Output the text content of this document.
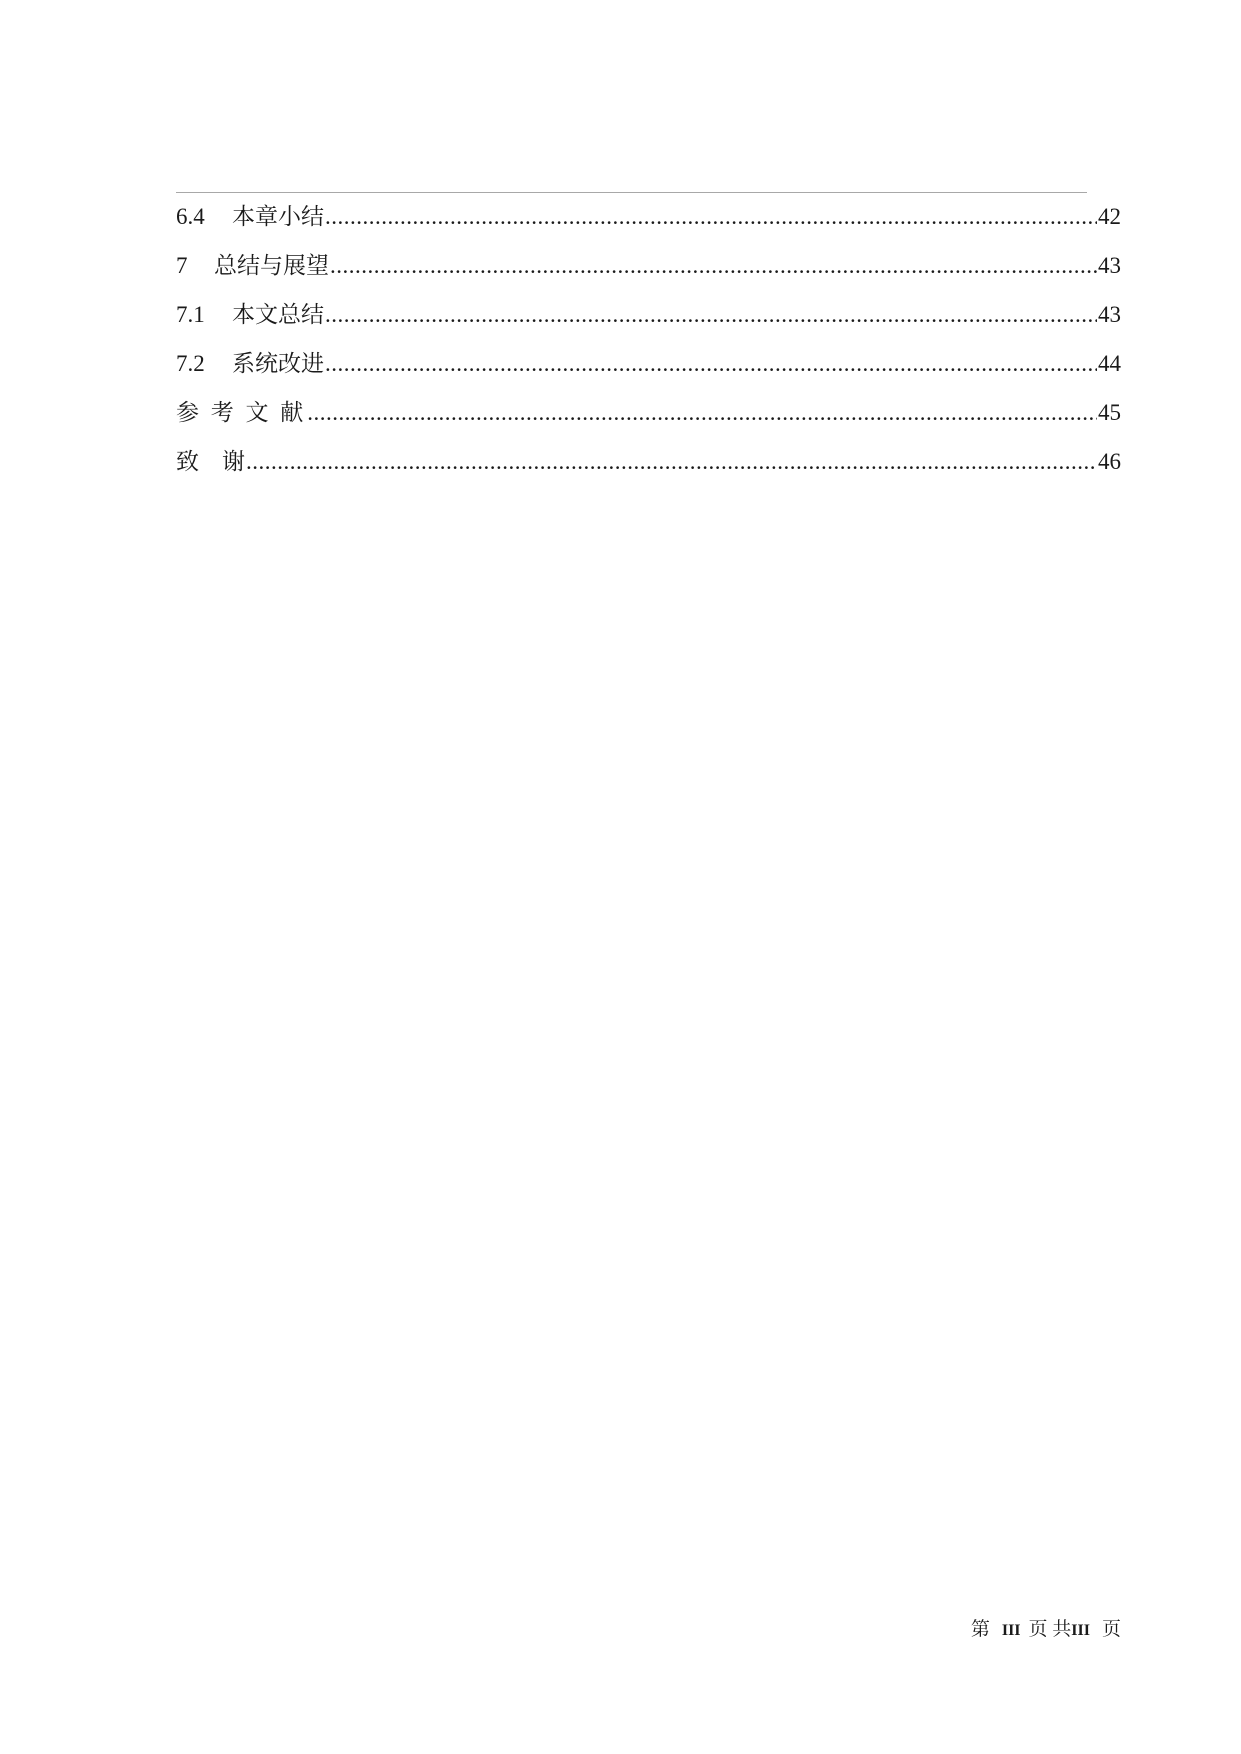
6.4	本章小结 .....	42
7	总结与展望 .....	43
7.1	本文总结 .....	43
7.2	系统改进 .....	44
参 考 文 献 .....	45
致    谢 .....	46
第 III 页 共III 页
